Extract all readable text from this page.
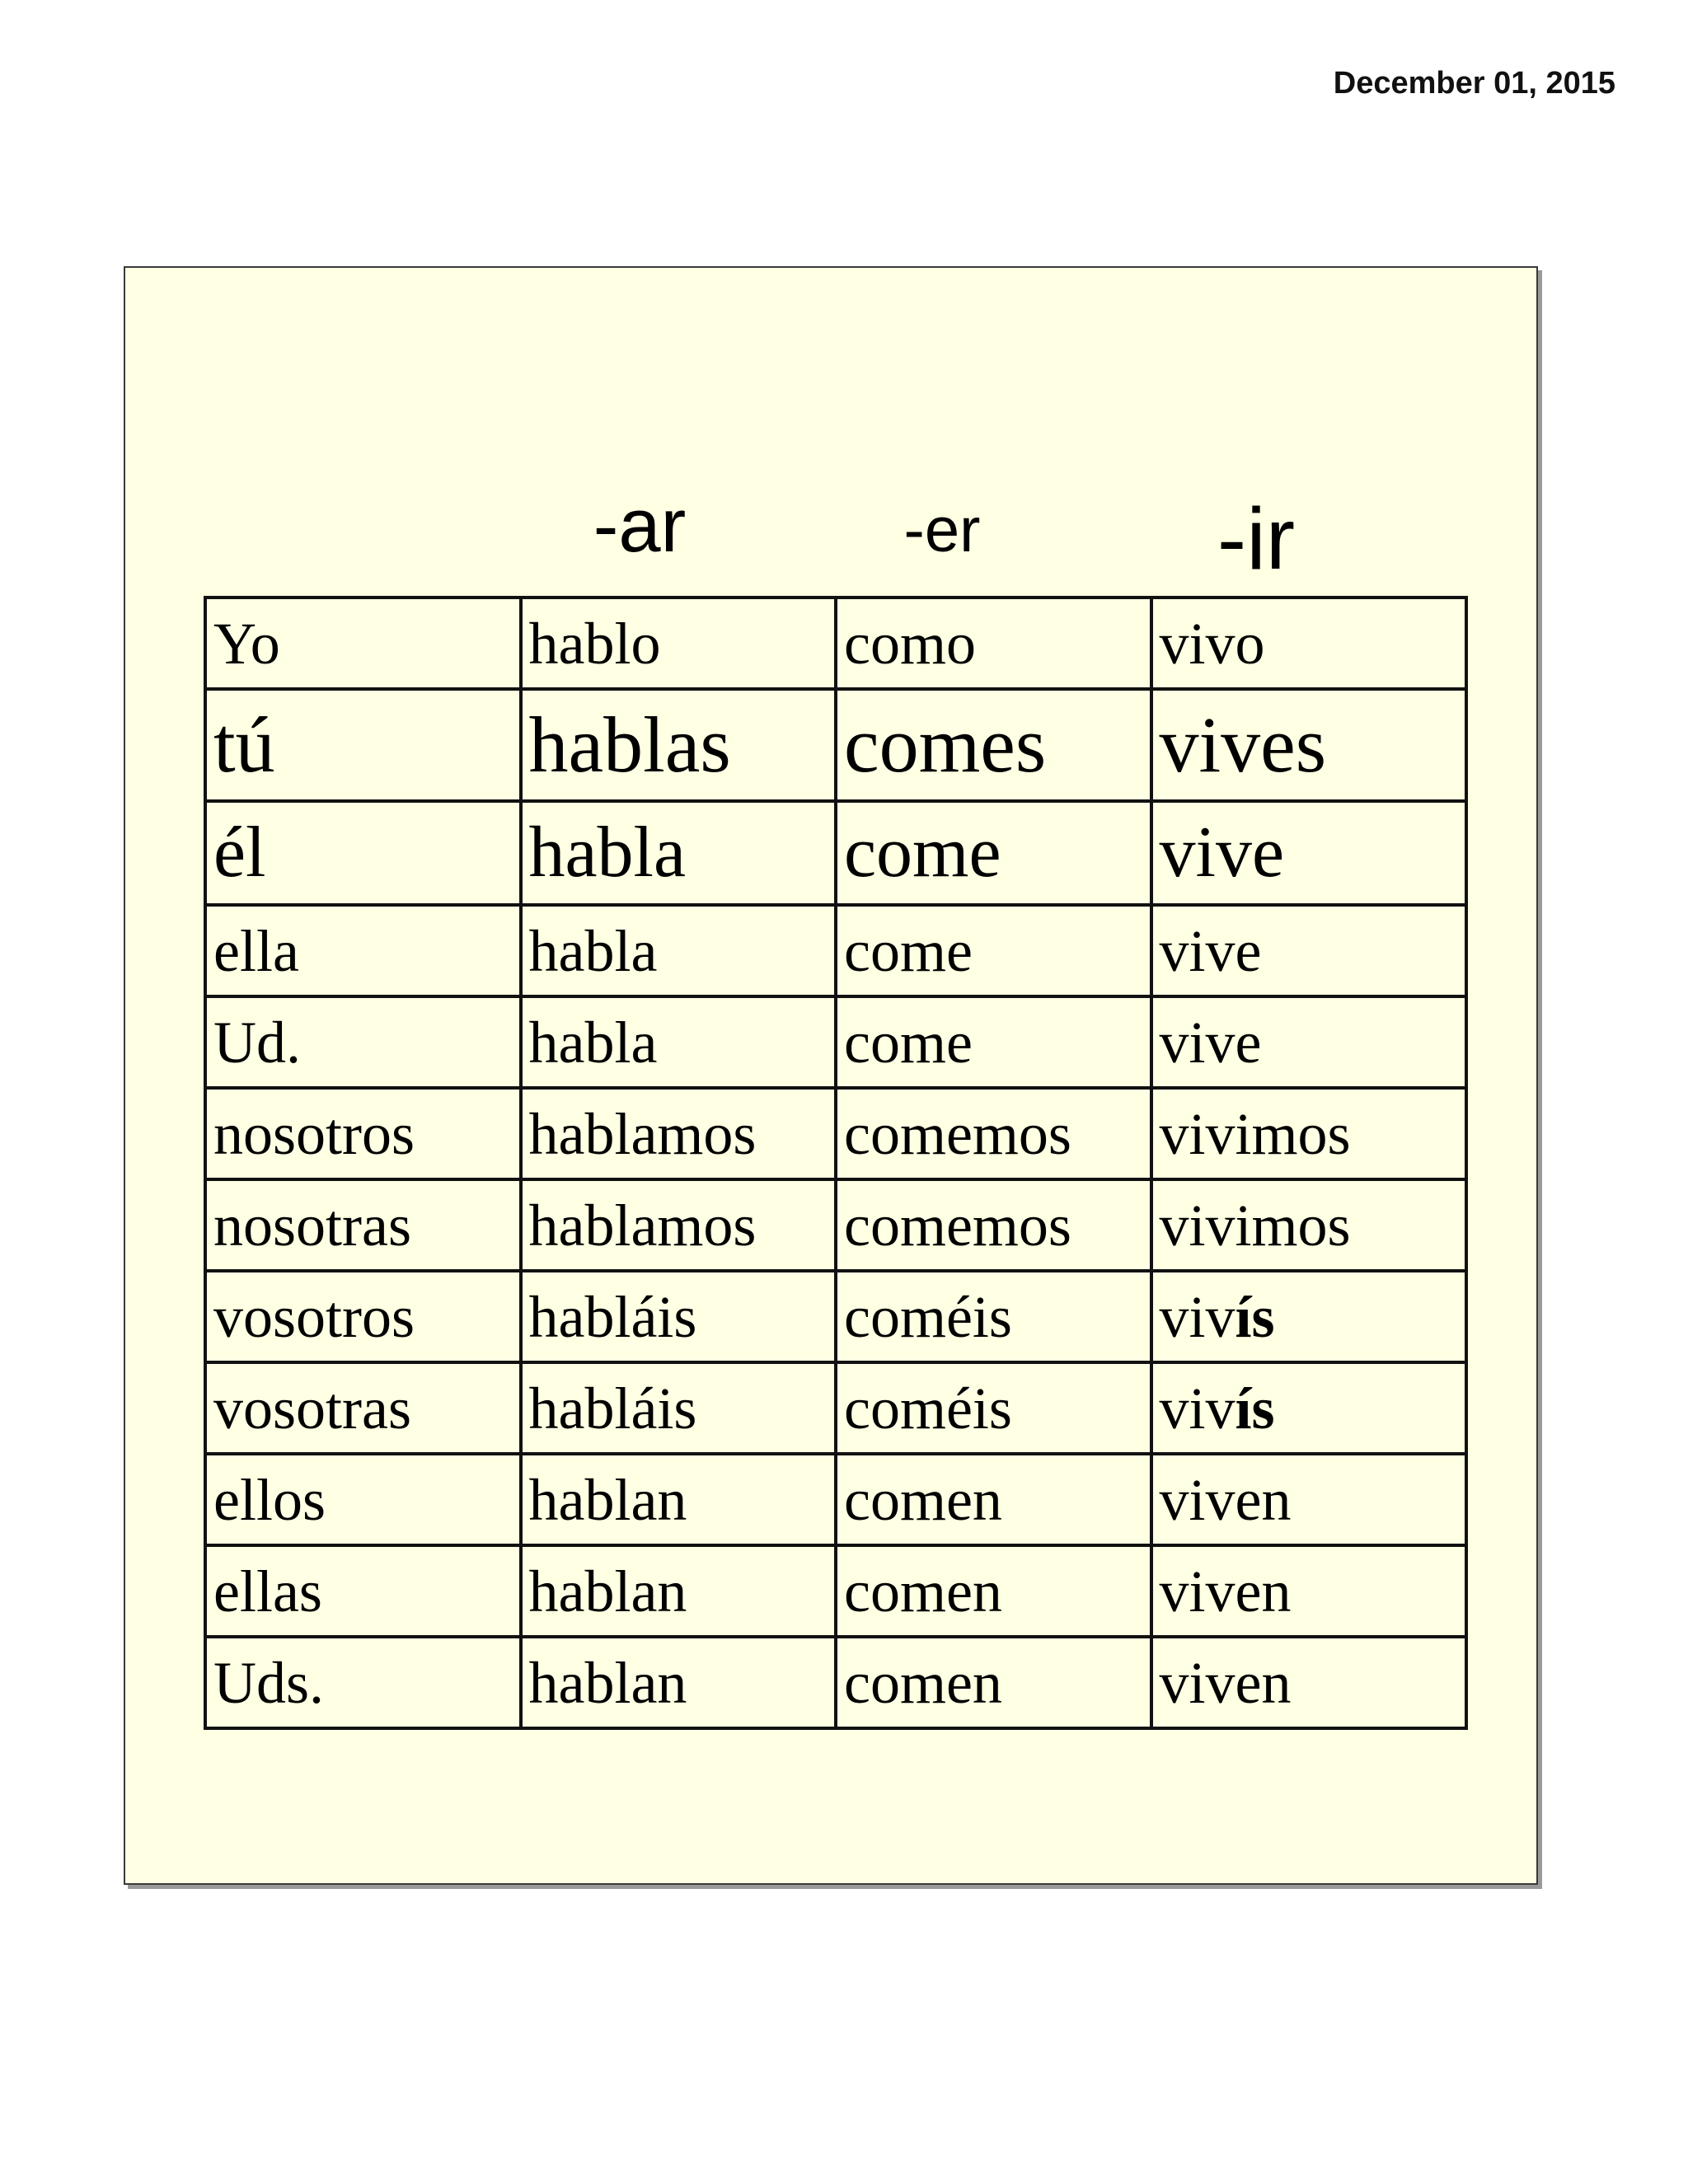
December 01, 2015
-ar	-er	-ir
Yo	hablo	como	vivo
tú	hablas	comes	vives
él	habla	come	vive
ella	habla	come	vive
Ud.	habla	come	vive
nosotros	hablamos	comemos	vivimos
nosotras	hablamos	comemos	vivimos
vosotros	habláis	coméis	vivís
vosotras	habláis	coméis	vivís
ellos	hablan	comen	viven
ellas	hablan	comen	viven
Uds.	hablan	comen	viven
